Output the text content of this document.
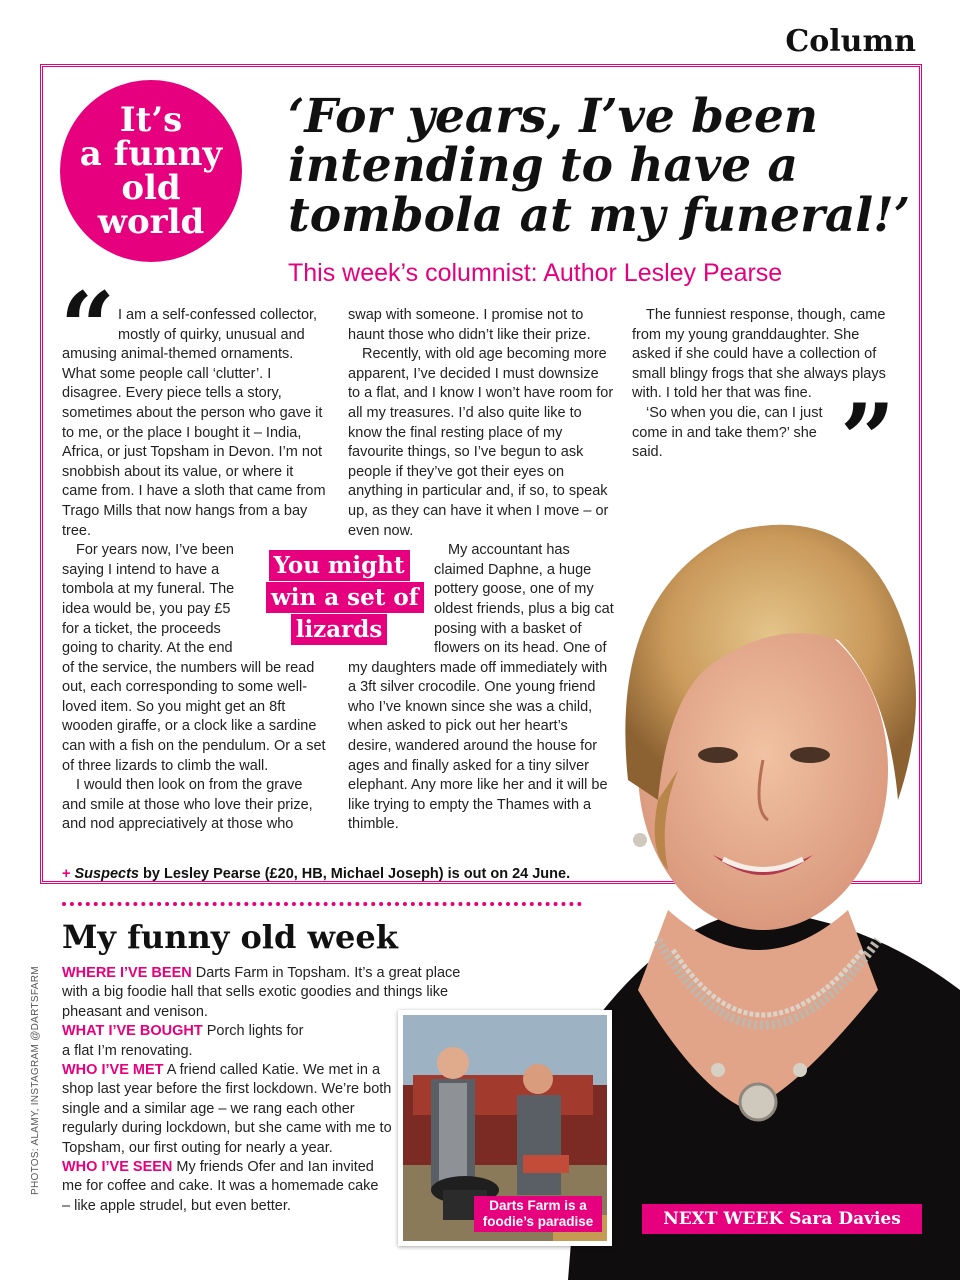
Column
It’s
a funny
old
world
‘For years, I’ve been
intending to have a
tombola at my funeral!’
This week’s columnist: Author Lesley Pearse
“ I am a self-confessed collector, mostly of quirky, unusual and amusing animal-themed ornaments. What some people call ‘clutter’. I disagree. Every piece tells a story, sometimes about the person who gave it to me, or the place I bought it – India, Africa, or just Topsham in Devon. I’m not snobbish about its value, or where it came from. I have a sloth that came from Trago Mills that now hangs from a bay tree.

For years now, I’ve been saying I intend to have a tombola at my funeral. The idea would be, you pay £5 for a ticket, the proceeds going to charity. At the end of the service, the numbers will be read out, each corresponding to some well-loved item. So you might get an 8ft wooden giraffe, or a clock like a sardine can with a fish on the pendulum. Or a set of three lizards to climb the wall.

I would then look on from the grave and smile at those who love their prize, and nod appreciatively at those who

swap with someone. I promise not to haunt those who didn’t like their prize.

Recently, with old age becoming more apparent, I’ve decided I must downsize to a flat, and I know I won’t have room for all my treasures. I’d also quite like to know the final resting place of my favourite things, so I’ve begun to ask people if they’ve got their eyes on anything in particular and, if so, to speak up, as they can have it when I move – or even now.

My accountant has claimed Daphne, a huge pottery goose, one of my oldest friends, plus a big cat posing with a basket of flowers on its head. One of my daughters made off immediately with a 3ft silver crocodile. One young friend who I’ve known since she was a child, when asked to pick out her heart’s desire, wandered around the house for ages and finally asked for a tiny silver elephant. Any more like her and it will be like trying to empty the Thames with a thimble.

The funniest response, though, came from my young granddaughter. She asked if she could have a collection of small blingy frogs that she always plays with. I told her that was fine.

‘So when you die, can I just come in and take them?’ she said.	”
You might win a set of lizards
+ Suspects by Lesley Pearse (£20, HB, Michael Joseph) is out on 24 June.
My funny old week

WHERE I’VE BEEN Darts Farm in Topsham. It’s a great place with a big foodie hall that sells exotic goodies and things like pheasant and venison.

WHAT I’VE BOUGHT Porch lights for a flat I’m renovating.

WHO I’VE MET A friend called Katie. We met in a shop last year before the first lockdown. We’re both single and a similar age – we rang each other regularly during lockdown, but she came with me to Topsham, our first outing for nearly a year.

WHO I’VE SEEN My friends Ofer and Ian invited me for coffee and cake. It was a homemade cake – like apple strudel, but even better.

PHOTOS: ALAMY, INSTAGRAM @DARTSFARM
Darts Farm is a foodie’s paradise	NEXT WEEK Sara Davies
